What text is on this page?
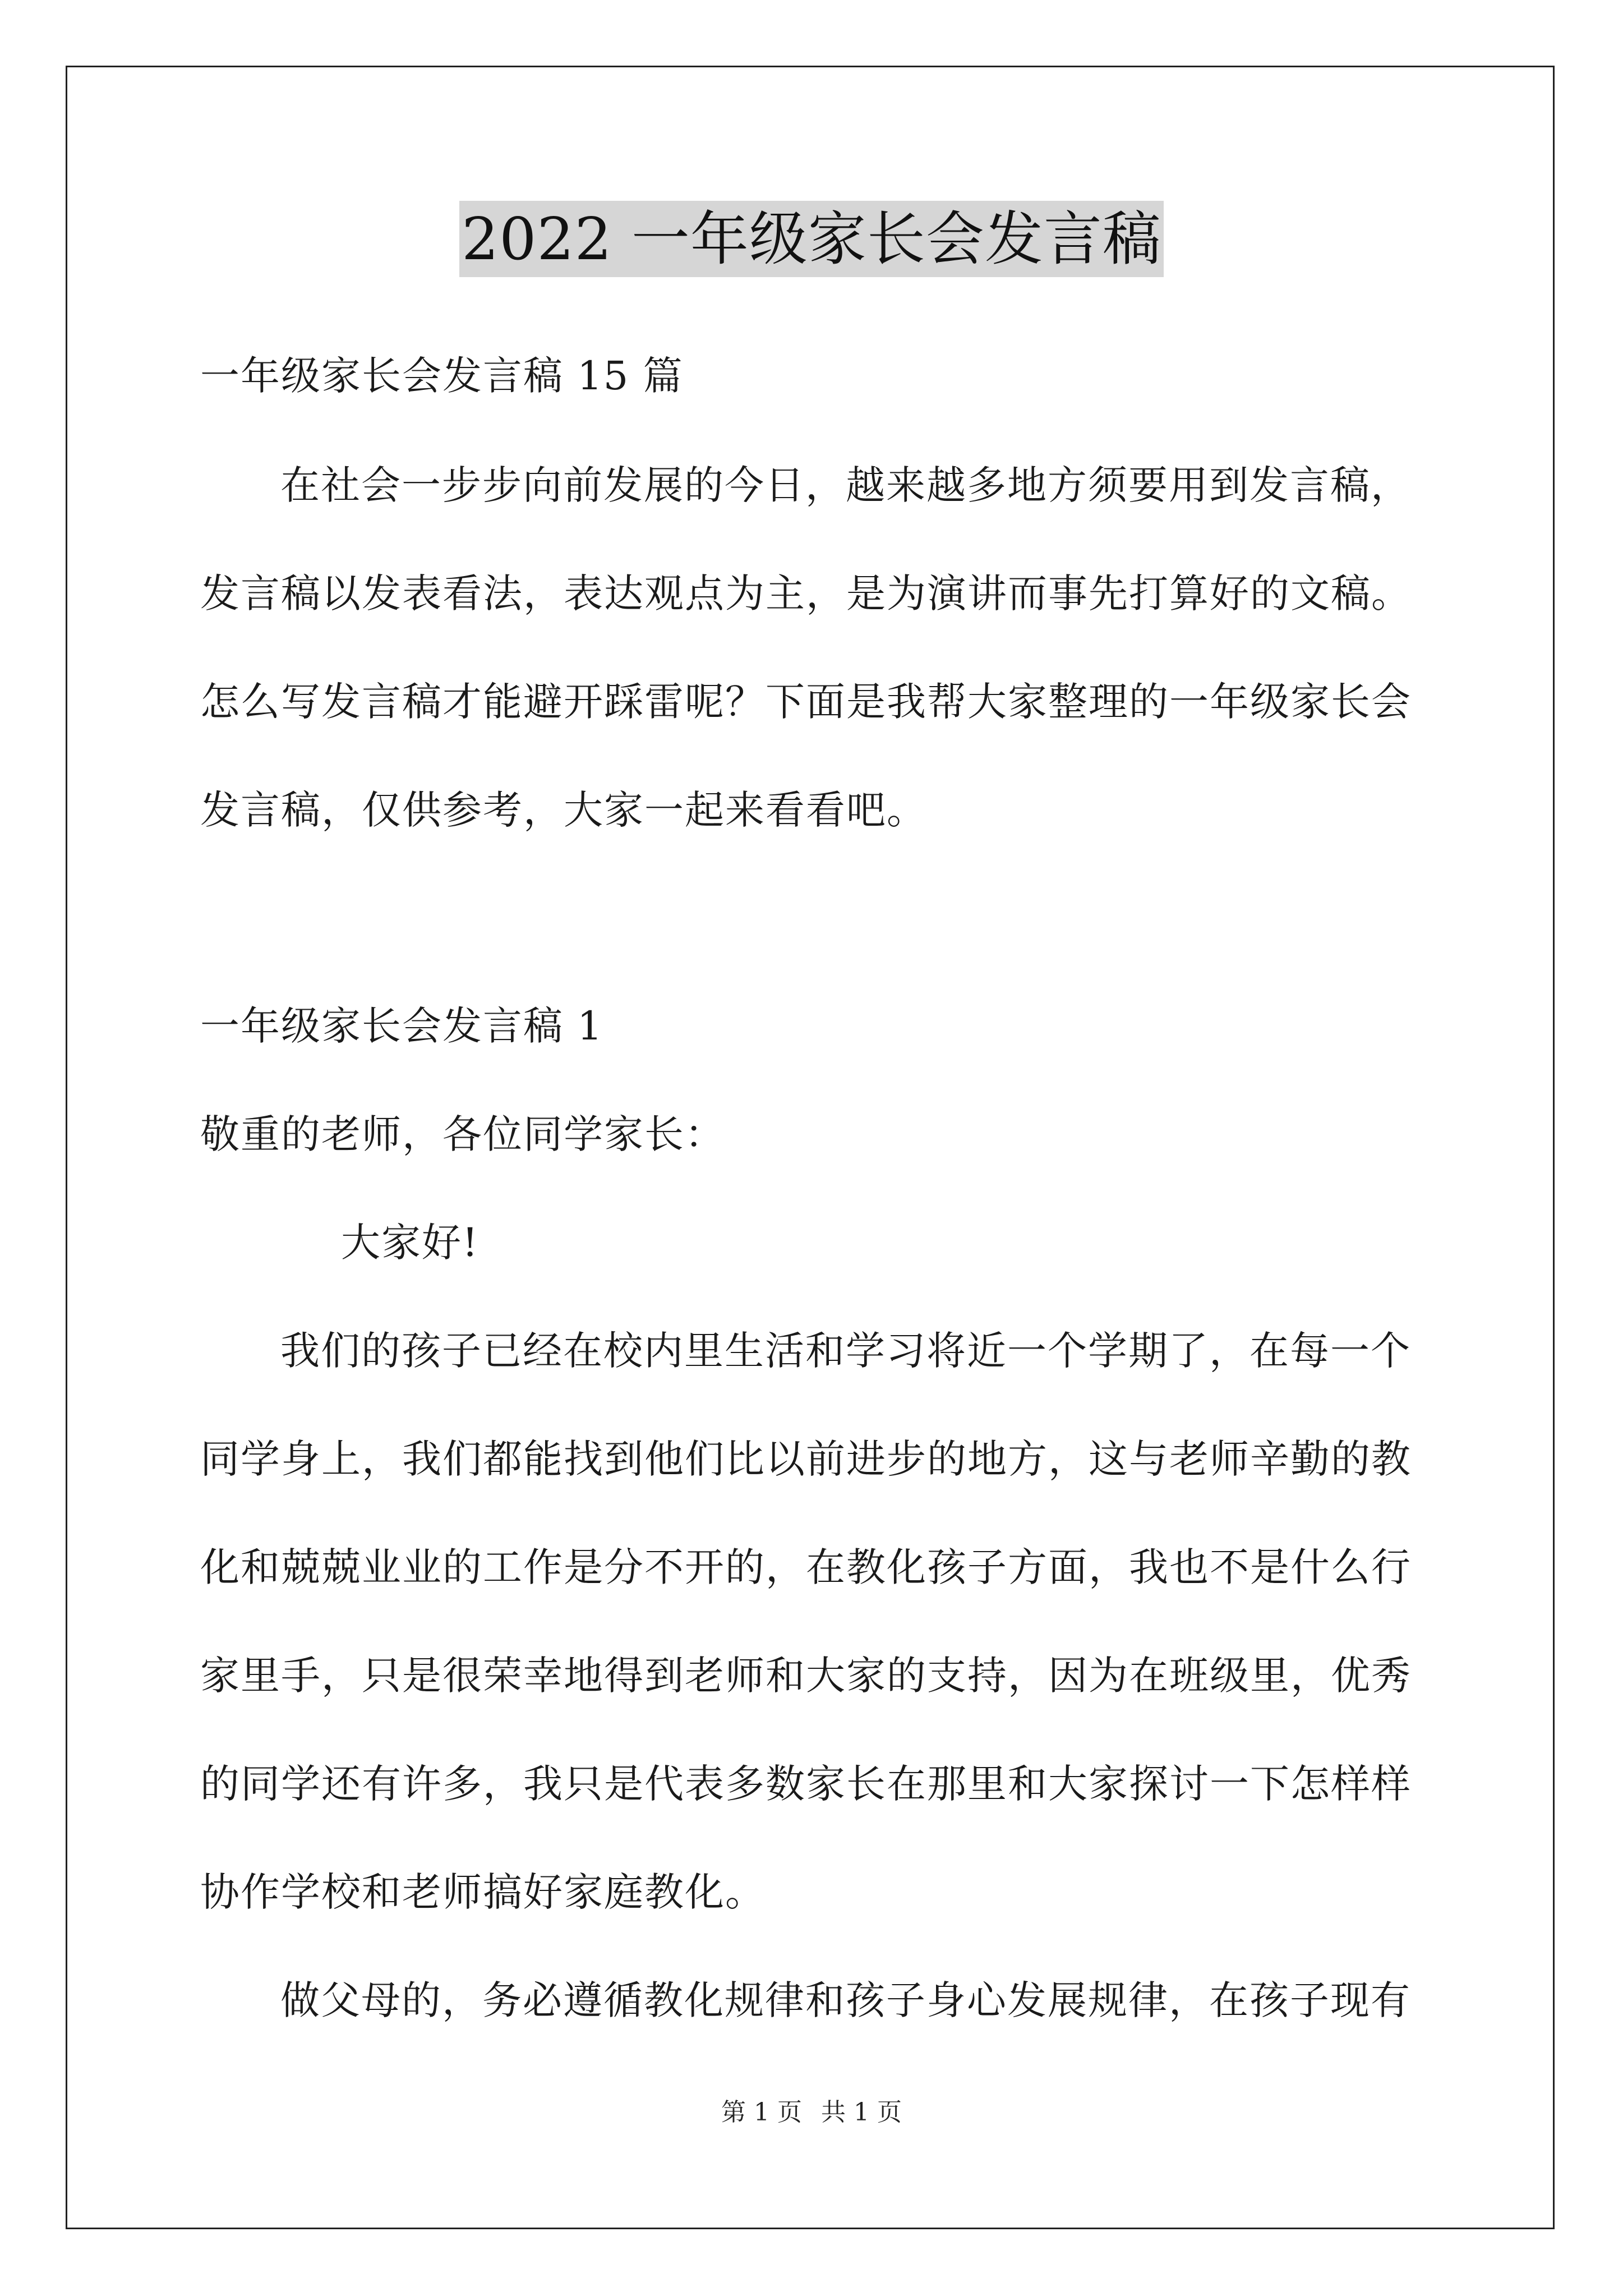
2022 一年级家长会发言稿
一年级家长会发言稿 15 篇
在社会一步步向前发展的今日，越来越多地方须要用到发言稿，
发言稿以发表看法，表达观点为主，是为演讲而事先打算好的文稿。
怎么写发言稿才能避开踩雷呢？下面是我帮大家整理的一年级家长会
发言稿，仅供参考，大家一起来看看吧。
一年级家长会发言稿 1
敬重的老师，各位同学家长：
大家好!
我们的孩子已经在校内里生活和学习将近一个学期了，在每一个
同学身上，我们都能找到他们比以前进步的地方，这与老师辛勤的教
化和兢兢业业的工作是分不开的，在教化孩子方面，我也不是什么行
家里手，只是很荣幸地得到老师和大家的支持，因为在班级里，优秀
的同学还有许多，我只是代表多数家长在那里和大家探讨一下怎样样
协作学校和老师搞好家庭教化。
做父母的，务必遵循教化规律和孩子身心发展规律，在孩子现有
第 1 页 共 1 页
